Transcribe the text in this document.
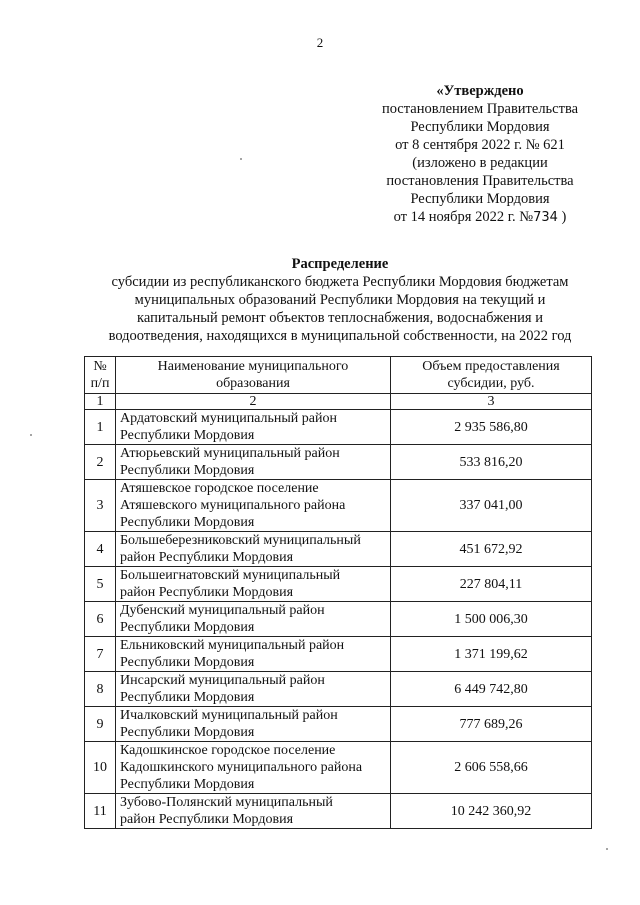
2
«Утверждено
постановлением Правительства
Республики Мордовия
от 8 сентября 2022 г. № 621
(изложено в редакции
постановления Правительства
Республики Мордовия
от 14 ноября 2022 г. №734 )
Распределение
субсидии из республиканского бюджета Республики Мордовия бюджетам
муниципальных образований Республики Мордовия на текущий и
капитальный ремонт объектов теплоснабжения, водоснабжения и
водоотведения, находящихся в муниципальной собственности, на 2022 год
№ п/п	Наименование муниципального образования	Объем предоставления субсидии, руб.
1	2	3
1	Ардатовский муниципальный район
Республики Мордовия	2 935 586,80
2	Атюрьевский муниципальный район
Республики Мордовия	533 816,20
3	Атяшевское городское поселение
Атяшевского муниципального района
Республики Мордовия	337 041,00
4	Большеберезниковский муниципальный
район Республики Мордовия	451 672,92
5	Большеигнатовский муниципальный
район Республики Мордовия	227 804,11
6	Дубенский муниципальный район
Республики Мордовия	1 500 006,30
7	Ельниковский муниципальный район
Республики Мордовия	1 371 199,62
8	Инсарский муниципальный район
Республики Мордовия	6 449 742,80
9	Ичалковский муниципальный район
Республики Мордовия	777 689,26
10	Кадошкинское городское поселение
Кадошкинского муниципального района
Республики Мордовия	2 606 558,66
11	Зубово-Полянский муниципальный
район Республики Мордовия	10 242 360,92
